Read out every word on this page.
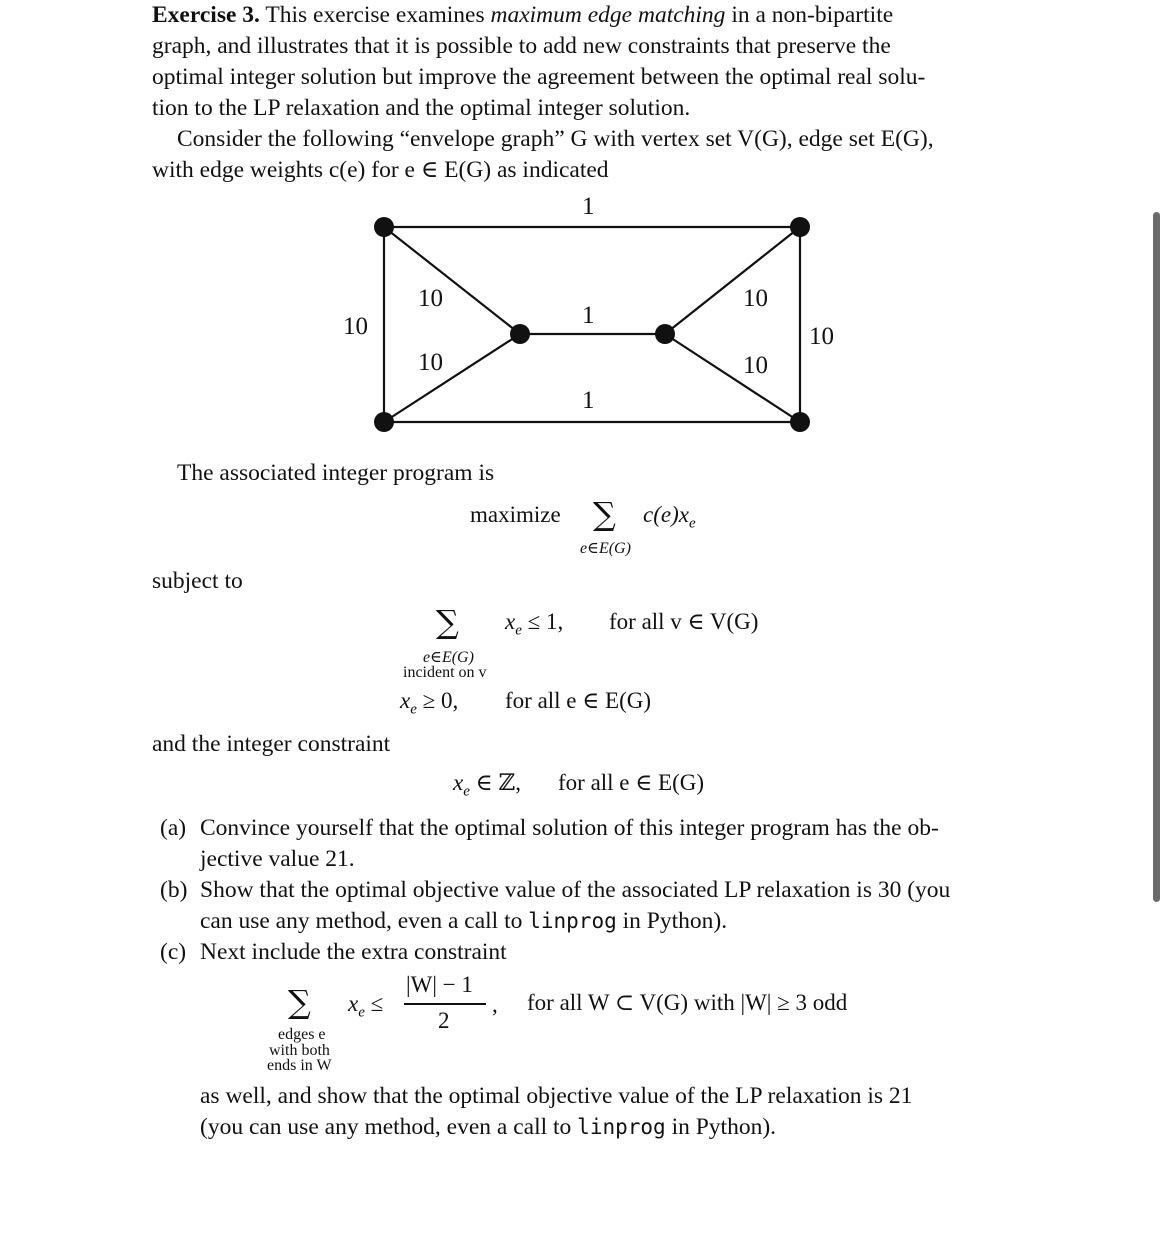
Exercise 3. This exercise examines maximum edge matching in a non-bipartite
graph, and illustrates that it is possible to add new constraints that preserve the
optimal integer solution but improve the agreement between the optimal real solu-
tion to the LP relaxation and the optimal integer solution.
Consider the following “envelope graph” G with vertex set V(G), edge set E(G),
with edge weights c(e) for e ∈ E(G) as indicated
1
10
10
10
1
1
10
10
10
The associated integer program is
maximize ∑ $c(e)x_e$
e∈E(G)
subject to
∑ $x_e \le 1$, for all v ∈ V(G)
e∈E(G)
incident on v
$x_e \ge 0$, for all e ∈ E(G)
and the integer constraint
$x_e$ ∈ ℤ, for all e ∈ E(G)
(a) Convince yourself that the optimal solution of this integer program has the ob-
jective value 21.
(b) Show that the optimal objective value of the associated LP relaxation is 30 (you
can use any method, even a call to linprog in Python).
(c) Next include the extra constraint
∑ $x_e$ ≤
|W| − 1
2
, for all W ⊂ V(G) with |W| ≥ 3 odd
edges e
with both
ends in W
as well, and show that the optimal objective value of the LP relaxation is 21
(you can use any method, even a call to linprog in Python).
